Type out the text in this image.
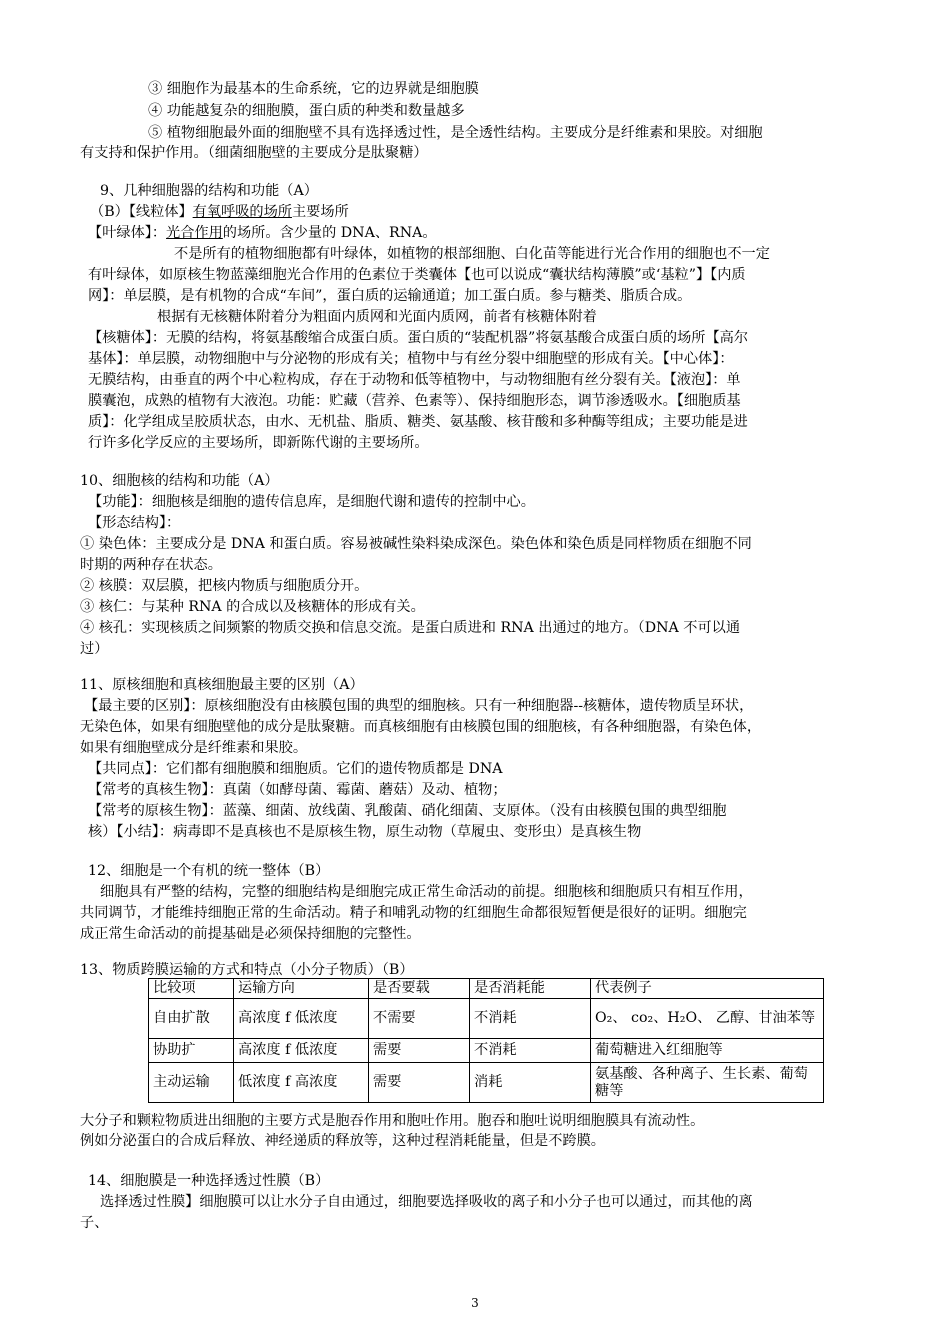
③ 细胞作为最基本的生命系统，它的边界就是细胞膜
④ 功能越复杂的细胞膜，蛋白质的种类和数量越多
⑤ 植物细胞最外面的细胞壁不具有选择透过性，是全透性结构。主要成分是纤维素和果胶。对细胞
有支持和保护作用。（细菌细胞壁的主要成分是肽聚糖）
9、几种细胞器的结构和功能（A）
（B）【线粒体】有氧呼吸的场所主要场所
【叶绿体】：光合作用的场所。含少量的 DNA、RNA。
不是所有的植物细胞都有叶绿体，如植物的根部细胞、白化苗等能进行光合作用的细胞也不一定
有叶绿体，如原核生物蓝藻细胞光合作用的色素位于类囊体【也可以说成“囊状结构薄膜”或‘基粒”】【内质
网】：单层膜，是有机物的合成“车间”，蛋白质的运输通道；加工蛋白质。参与糖类、脂质合成。
根据有无核糖体附着分为粗面内质网和光面内质网，前者有核糖体附着
【核糖体】：无膜的结构，将氨基酸缩合成蛋白质。蛋白质的“装配机器”将氨基酸合成蛋白质的场所【高尔
基体】：单层膜，动物细胞中与分泌物的形成有关；植物中与有丝分裂中细胞壁的形成有关。【中心体】：
无膜结构，由垂直的两个中心粒构成，存在于动物和低等植物中，与动物细胞有丝分裂有关。【液泡】：单
膜囊泡，成熟的植物有大液泡。功能：贮藏（营养、色素等）、保持细胞形态，调节渗透吸水。【细胞质基
质】：化学组成呈胶质状态，由水、无机盐、脂质、糖类、氨基酸、核苷酸和多种酶等组成；主要功能是进
行许多化学反应的主要场所，即新陈代谢的主要场所。
10、细胞核的结构和功能（A）
【功能】：细胞核是细胞的遗传信息库，是细胞代谢和遗传的控制中心。
【形态结构】：
① 染色体：主要成分是 DNA 和蛋白质。容易被碱性染料染成深色。染色体和染色质是同样物质在细胞不同
时期的两种存在状态。
② 核膜：双层膜，把核内物质与细胞质分开。
③ 核仁：与某种 RNA 的合成以及核糖体的形成有关。
④ 核孔：实现核质之间频繁的物质交换和信息交流。是蛋白质进和 RNA 出通过的地方。（DNA 不可以通
过）
11、原核细胞和真核细胞最主要的区别（A）
【最主要的区别】：原核细胞没有由核膜包围的典型的细胞核。只有一种细胞器--核糖体，遗传物质呈环状，
无染色体，如果有细胞壁他的成分是肽聚糖。而真核细胞有由核膜包围的细胞核，有各种细胞器，有染色体，
如果有细胞壁成分是纤维素和果胶。
【共同点】：它们都有细胞膜和细胞质。它们的遗传物质都是 DNA
【常考的真核生物】：真菌（如酵母菌、霉菌、蘑菇）及动、植物；
【常考的原核生物】：蓝藻、细菌、放线菌、乳酸菌、硝化细菌、支原体。（没有由核膜包围的典型细胞
核）【小结】：病毒即不是真核也不是原核生物，原生动物（草履虫、变形虫）是真核生物
12、细胞是一个有机的统一整体（B）
细胞具有严整的结构，完整的细胞结构是细胞完成正常生命活动的前提。细胞核和细胞质只有相互作用，
共同调节，才能维持细胞正常的生命活动。精子和哺乳动物的红细胞生命都很短暂便是很好的证明。细胞完
成正常生命活动的前提基础是必须保持细胞的完整性。
13、物质跨膜运输的方式和特点（小分子物质）（B）
比较项	运输方向	是否要载	是否消耗能	代表例子
自由扩散	高浓度 f 低浓度	不需要	不消耗	O₂、 co₂、H₂O、 乙醇、甘油苯等
协助扩	高浓度 f 低浓度	需要	不消耗	葡萄糖进入红细胞等
主动运输	低浓度 f 高浓度	需要	消耗	氨基酸、各种离子、生长素、葡萄糖等
大分子和颗粒物质进出细胞的主要方式是胞吞作用和胞吐作用。胞吞和胞吐说明细胞膜具有流动性。
例如分泌蛋白的合成后释放、神经递质的释放等，这种过程消耗能量，但是不跨膜。
14、细胞膜是一种选择透过性膜（B）
选择透过性膜】细胞膜可以让水分子自由通过，细胞要选择吸收的离子和小分子也可以通过，而其他的离
子、
3
